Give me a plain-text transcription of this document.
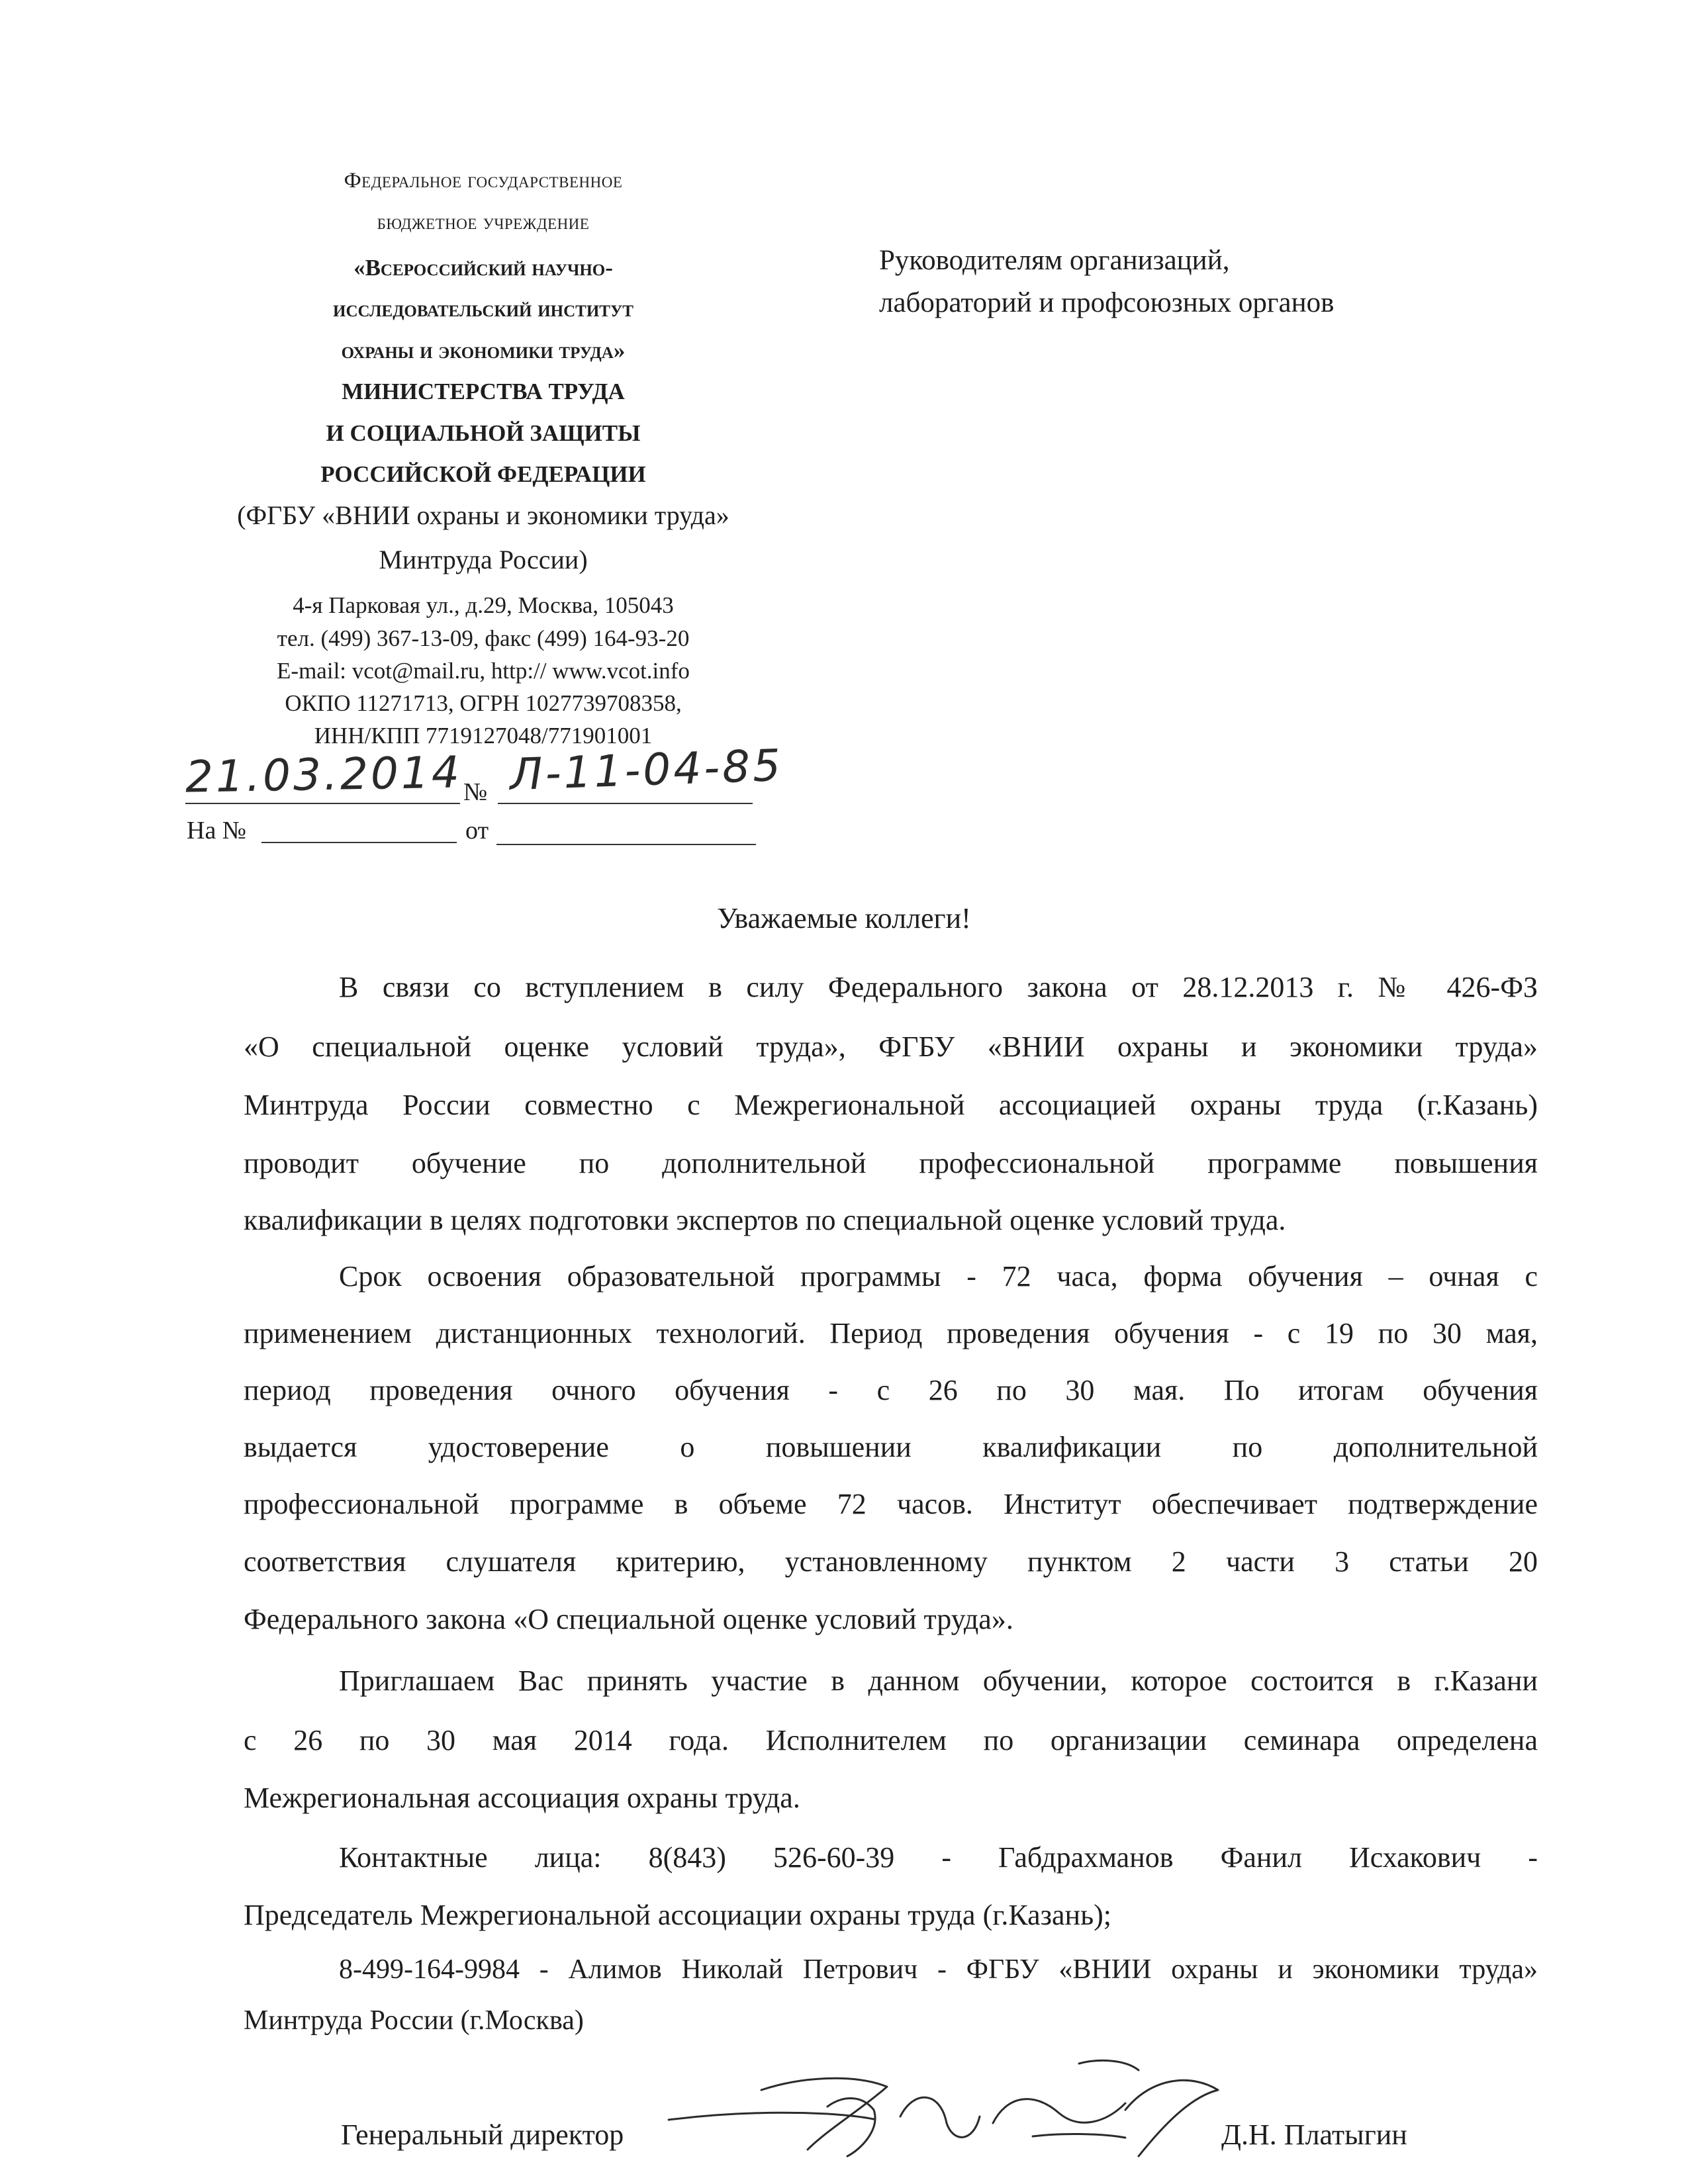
Федеральное государственное
бюджетное учреждение
«Всероссийский научно-
исследовательский институт
охраны и экономики труда»
МИНИСТЕРСТВА ТРУДА
И СОЦИАЛЬНОЙ ЗАЩИТЫ
РОССИЙСКОЙ ФЕДЕРАЦИИ
(ФГБУ «ВНИИ охраны и экономики труда»
Минтруда России)
4-я Парковая ул., д.29, Москва, 105043
тел. (499) 367-13-09, факс (499) 164-93-20
E-mail: vcot@mail.ru, http:// www.vcot.info
ОКПО 11271713, ОГРН 1027739708358,
ИНН/КПП 7719127048/771901001
Руководителям организаций,
лабораторий и профсоюзных органов
21.03.2014 № Л-11-04-85
На №	от
Уважаемые коллеги!
В связи со вступлением в силу Федерального закона от 28.12.2013 г. № 426-ФЗ
«О специальной оценке условий труда», ФГБУ «ВНИИ охраны и экономики труда»
Минтруда России совместно с Межрегиональной ассоциацией охраны труда (г.Казань)
проводит обучение по дополнительной профессиональной программе повышения
квалификации в целях подготовки экспертов по специальной оценке условий труда.
Срок освоения образовательной программы - 72 часа, форма обучения – очная с
применением дистанционных технологий. Период проведения обучения - с 19 по 30 мая,
период проведения очного обучения - с 26 по 30 мая. По итогам обучения
выдается удостоверение о повышении квалификации по дополнительной
профессиональной программе в объеме 72 часов. Институт обеспечивает подтверждение
соответствия слушателя критерию, установленному пунктом 2 части 3 статьи 20
Федерального закона «О специальной оценке условий труда».
Приглашаем Вас принять участие в данном обучении, которое состоится в г.Казани
с 26 по 30 мая 2014 года. Исполнителем по организации семинара определена
Межрегиональная ассоциация охраны труда.
Контактные лица: 8(843) 526-60-39 - Габдрахманов Фанил Исхакович -
Председатель Межрегиональной ассоциации охраны труда (г.Казань);
8-499-164-9984 - Алимов Николай Петрович - ФГБУ «ВНИИ охраны и экономики труда»
Минтруда России (г.Москва)
Генеральный директор	Д.Н. Платыгин
